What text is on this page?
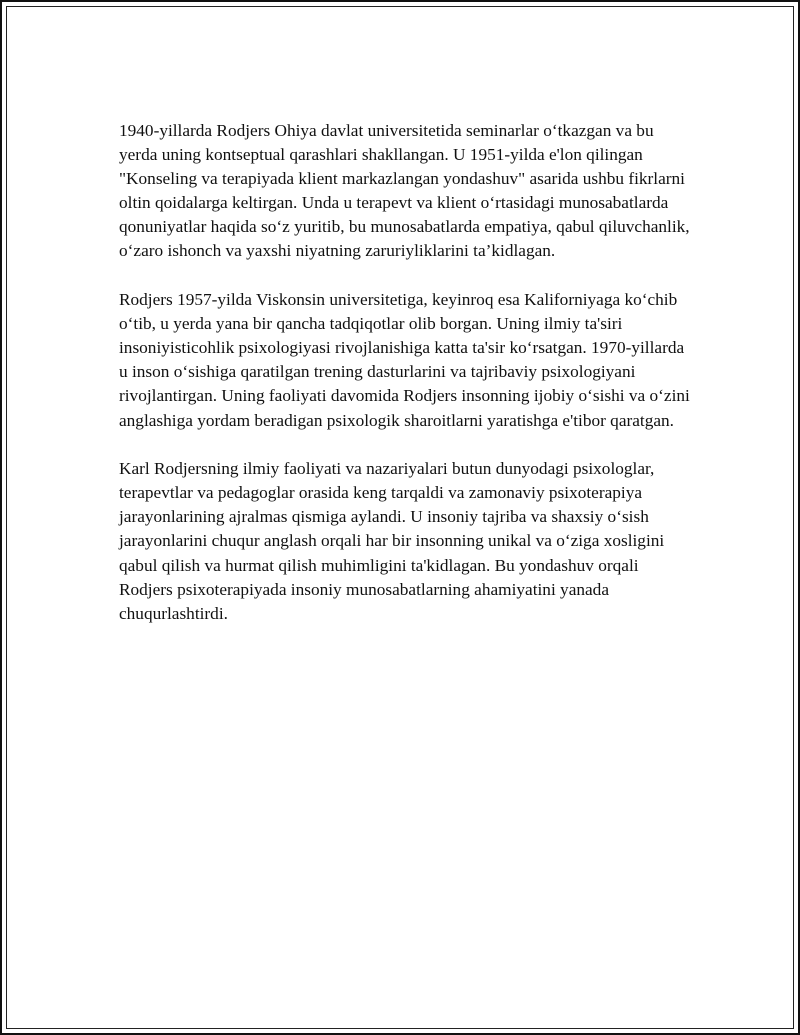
1940-yillarda Rodjers Ohiya davlat universitetida seminarlar o‘tkazgan va bu yerda uning kontseptual qarashlari shakllangan. U 1951-yilda e'lon qilingan "Konseling va terapiyada klient markazlangan yondashuv" asarida ushbu fikrlarni oltin qoidalarga keltirgan. Unda u terapevt va klient o‘rtasidagi munosabatlarda qonuniyatlar haqida so‘z yuritib, bu munosabatlarda empatiya, qabul qiluvchanlik, o‘zaro ishonch va yaxshi niyatning zaruriyliklarini ta’kidlagan.

Rodjers 1957-yilda Viskonsin universitetiga, keyinroq esa Kaliforniyaga ko‘chib o‘tib, u yerda yana bir qancha tadqiqotlar olib borgan. Uning ilmiy ta'siri insoniyisticohlik psixologiyasi rivojlanishiga katta ta'sir ko‘rsatgan. 1970-yillarda u inson o‘sishiga qaratilgan trening dasturlarini va tajribaviy psixologiyani rivojlantirgan. Uning faoliyati davomida Rodjers insonning ijobiy o‘sishi va o‘zini anglashiga yordam beradigan psixologik sharoitlarni yaratishga e'tibor qaratgan.

Karl Rodjersning ilmiy faoliyati va nazariyalari butun dunyodagi psixologlar, terapevtlar va pedagoglar orasida keng tarqaldi va zamonaviy psixoterapiya jarayonlarining ajralmas qismiga aylandi. U insoniy tajriba va shaxsiy o‘sish jarayonlarini chuqur anglash orqali har bir insonning unikal va o‘ziga xosligini qabul qilish va hurmat qilish muhimligini ta'kidlagan. Bu yondashuv orqali Rodjers psixoterapiyada insoniy munosabatlarning ahamiyatini yanada chuqurlashtirdi.
